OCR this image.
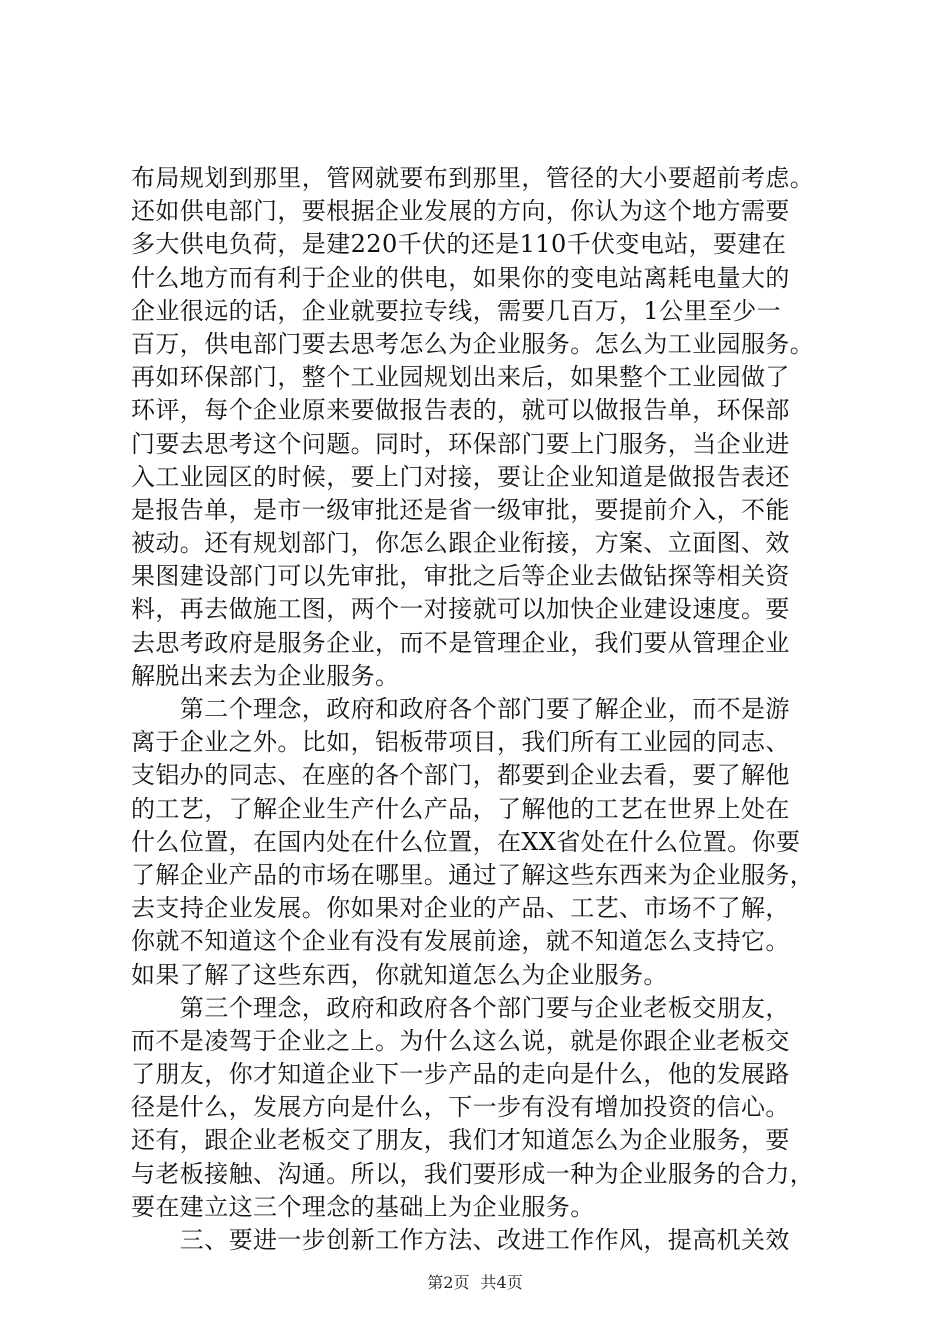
布局规划到那里，管网就要布到那里，管径的大小要超前考虑。
还如供电部门，要根据企业发展的方向，你认为这个地方需要
多大供电负荷，是建220千伏的还是110千伏变电站，要建在
什么地方而有利于企业的供电，如果你的变电站离耗电量大的
企业很远的话，企业就要拉专线，需要几百万，1公里至少一
百万，供电部门要去思考怎么为企业服务。怎么为工业园服务。
再如环保部门，整个工业园规划出来后，如果整个工业园做了
环评，每个企业原来要做报告表的，就可以做报告单，环保部
门要去思考这个问题。同时，环保部门要上门服务，当企业进
入工业园区的时候，要上门对接，要让企业知道是做报告表还
是报告单，是市一级审批还是省一级审批，要提前介入，不能
被动。还有规划部门，你怎么跟企业衔接，方案、立面图、效
果图建设部门可以先审批，审批之后等企业去做钻探等相关资
料，再去做施工图，两个一对接就可以加快企业建设速度。要
去思考政府是服务企业，而不是管理企业，我们要从管理企业
解脱出来去为企业服务。
　　第二个理念，政府和政府各个部门要了解企业，而不是游
离于企业之外。比如，铝板带项目，我们所有工业园的同志、
支铝办的同志、在座的各个部门，都要到企业去看，要了解他
的工艺，了解企业生产什么产品，了解他的工艺在世界上处在
什么位置，在国内处在什么位置，在XX省处在什么位置。你要
了解企业产品的市场在哪里。通过了解这些东西来为企业服务，
去支持企业发展。你如果对企业的产品、工艺、市场不了解，
你就不知道这个企业有没有发展前途，就不知道怎么支持它。
如果了解了这些东西，你就知道怎么为企业服务。
　　第三个理念，政府和政府各个部门要与企业老板交朋友，
而不是凌驾于企业之上。为什么这么说，就是你跟企业老板交
了朋友，你才知道企业下一步产品的走向是什么，他的发展路
径是什么，发展方向是什么，下一步有没有增加投资的信心。
还有，跟企业老板交了朋友，我们才知道怎么为企业服务，要
与老板接触、沟通。所以，我们要形成一种为企业服务的合力，
要在建立这三个理念的基础上为企业服务。
　　三、要进一步创新工作方法、改进工作作风，提高机关效
第2页 共4页
